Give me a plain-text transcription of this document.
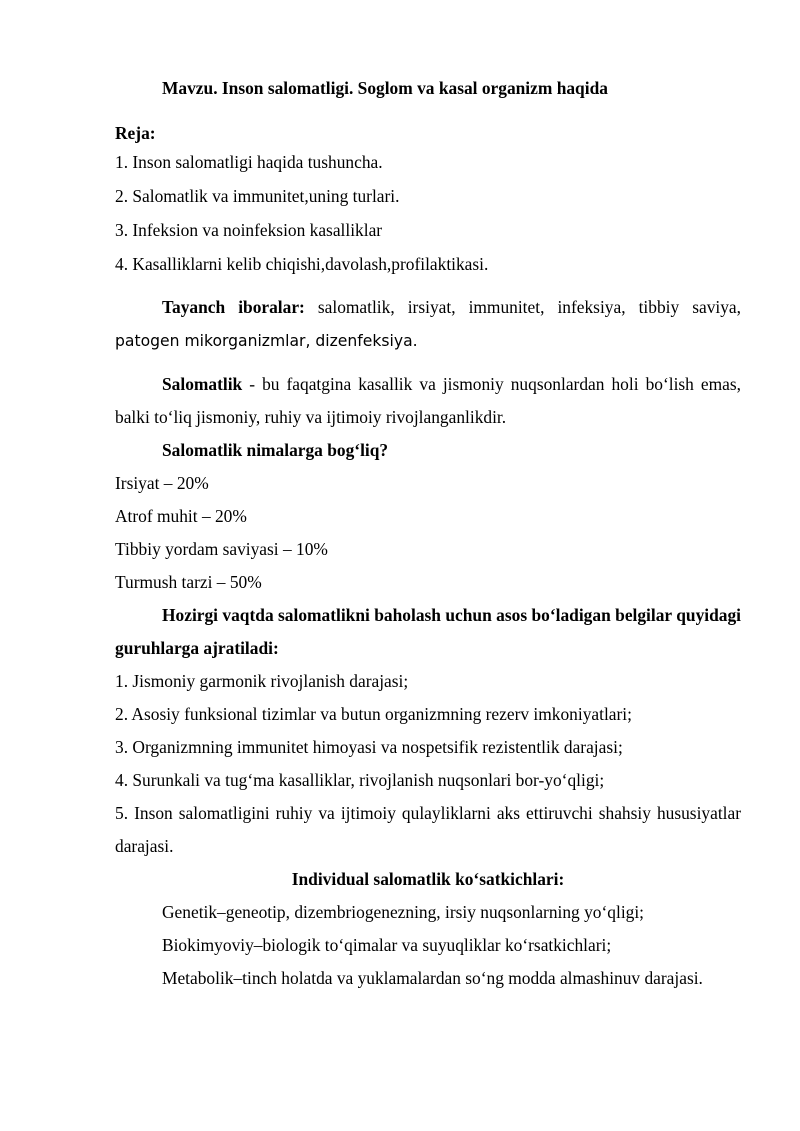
Mavzu. Inson salomatligi. Soglom va kasal organizm haqida

Reja:

1. Inson salomatligi haqida tushuncha.
2. Salomatlik va immunitet,uning turlari.
3. Infeksion va noinfeksion kasalliklar
4. Kasalliklarni kelib chiqishi,davolash,profilaktikasi.

Tayanch iboralar: salomatlik, irsiyat, immunitet, infeksiya, tibbiy saviya, patogen mikorganizmlar, dizenfeksiya.

Salomatlik - bu faqatgina kasallik va jismoniy nuqsonlardan holi bo‘lish emas, balki to‘liq jismoniy, ruhiy va ijtimoiy rivojlanganlikdir.

Salomatlik nimalarga bog‘liq?

Irsiyat – 20%

Atrof muhit – 20%

Tibbiy yordam saviyasi – 10%

Turmush tarzi – 50%

Hozirgi vaqtda salomatlikni baholash uchun asos bo‘ladigan belgilar quyidagi guruhlarga ajratiladi:

1. Jismoniy garmonik rivojlanish darajasi;

2. Asosiy funksional tizimlar va butun organizmning rezerv imkoniyatlari;

3. Organizmning immunitet himoyasi va nospetsifik rezistentlik darajasi;

4. Surunkali va tug‘ma kasalliklar, rivojlanish nuqsonlari bor-yo‘qligi;

5. Inson salomatligini ruhiy va ijtimoiy qulayliklarni aks ettiruvchi shahsiy hususiyatlar darajasi.

Individual salomatlik ko‘satkichlari:

Genetik–geneotip, dizembriogenezning, irsiy nuqsonlarning yo‘qligi;

Biokimyoviy–biologik to‘qimalar va suyuqliklar ko‘rsatkichlari;

Metabolik–tinch holatda va yuklamalardan so‘ng modda almashinuv darajasi.
